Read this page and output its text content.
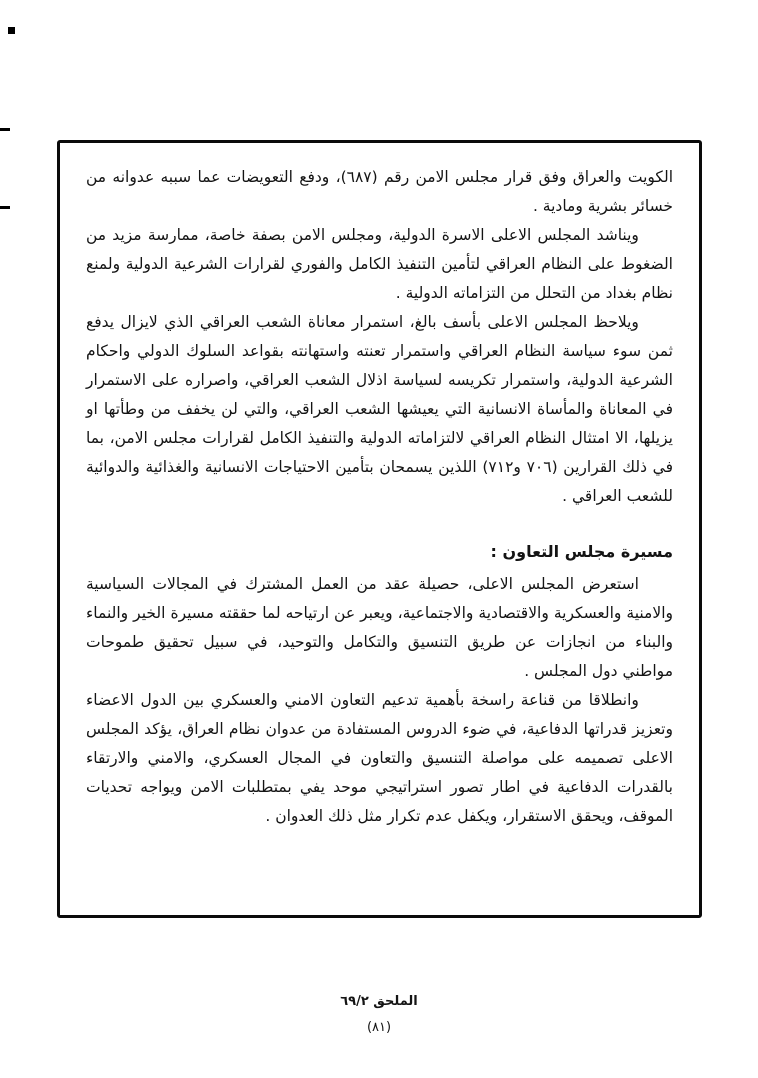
الكويت والعراق وفق قرار مجلس الامن رقم (٦٨٧)، ودفع التعويضات عما سببه عدوانه من خسائر بشرية ومادية .

ويناشد المجلس الاعلى الاسرة الدولية، ومجلس الامن بصفة خاصة، ممارسة مزيد من الضغوط على النظام العراقي لتأمين التنفيذ الكامل والفوري لقرارات الشرعية الدولية ولمنع نظام بغداد من التحلل من التزاماته الدولية .

ويلاحظ المجلس الاعلى بأسف بالغ، استمرار معاناة الشعب العراقي الذي لايزال يدفع ثمن سوء سياسة النظام العراقي واستمرار تعنته واستهانته بقواعد السلوك الدولي واحكام الشرعية الدولية، واستمرار تكريسه لسياسة اذلال الشعب العراقي، واصراره على الاستمرار في المعاناة والمأساة الانسانية التي يعيشها الشعب العراقي، والتي لن يخفف من وطأتها او يزيلها، الا امتثال النظام العراقي لالتزاماته الدولية والتنفيذ الكامل لقرارات مجلس الامن، بما في ذلك القرارين (٧٠٦ و٧١٢) اللذين يسمحان بتأمين الاحتياجات الانسانية والغذائية والدوائية للشعب العراقي .

مسيرة مجلس التعاون :

استعرض المجلس الاعلى، حصيلة عقد من العمل المشترك في المجالات السياسية والامنية والعسكرية والاقتصادية والاجتماعية، ويعبر عن ارتياحه لما حققته مسيرة الخير والنماء والبناء من انجازات عن طريق التنسيق والتكامل والتوحيد، في سبيل تحقيق طموحات مواطني دول المجلس .

وانطلاقا من قناعة راسخة بأهمية تدعيم التعاون الامني والعسكري بين الدول الاعضاء وتعزيز قدراتها الدفاعية، في ضوء الدروس المستفادة من عدوان نظام العراق، يؤكد المجلس الاعلى تصميمه على مواصلة التنسيق والتعاون في المجال العسكري، والامني والارتقاء بالقدرات الدفاعية في اطار تصور استراتيجي موحد يفي بمتطلبات الامن ويواجه تحديات الموقف، ويحقق الاستقرار، ويكفل عدم تكرار مثل ذلك العدوان .

الملحق ٦٩/٢
(٨١)
